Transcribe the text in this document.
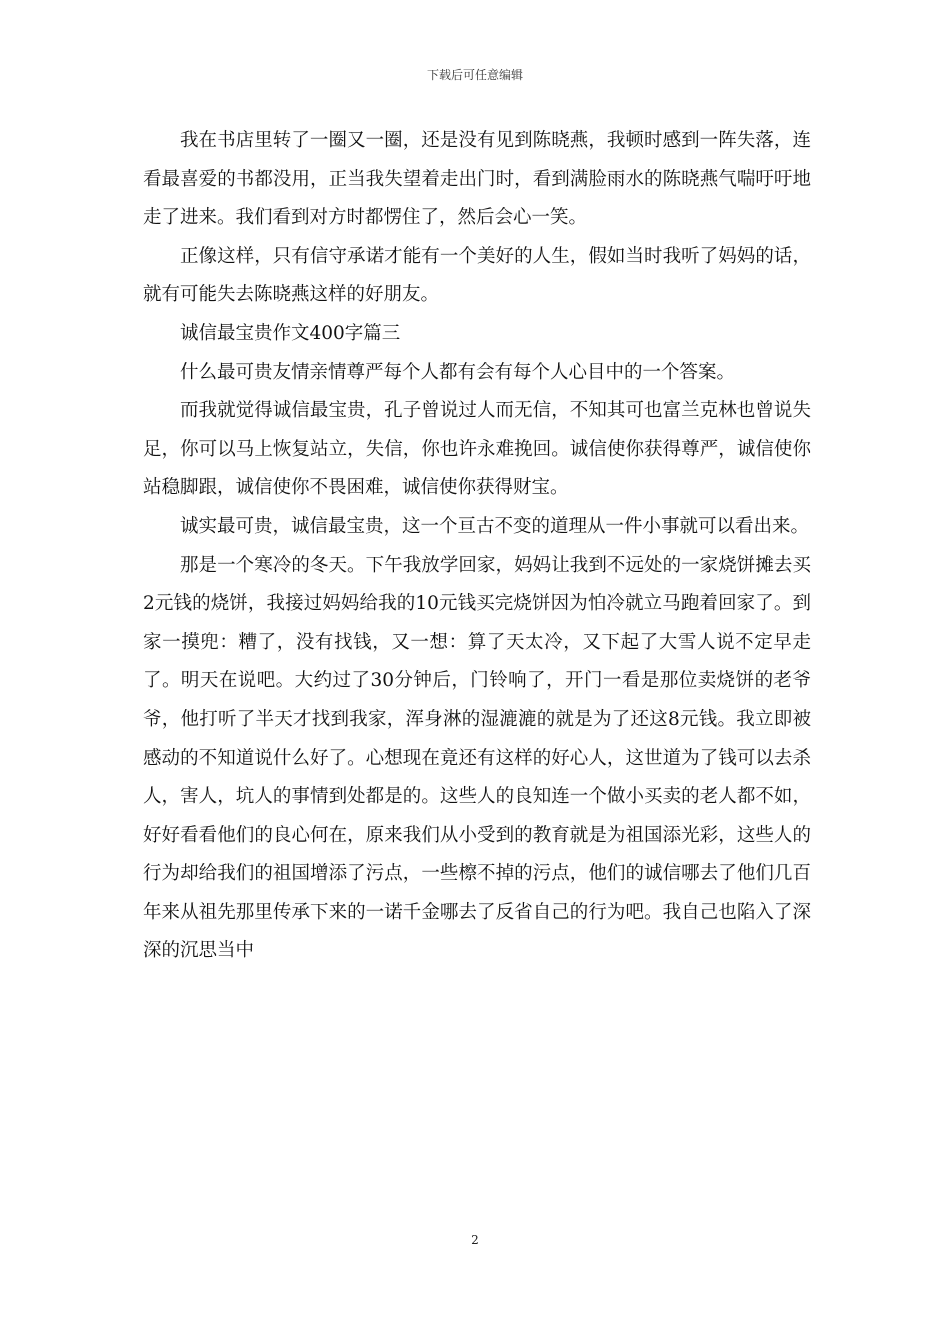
下载后可任意编辑

我在书店里转了一圈又一圈，还是没有见到陈晓燕，我顿时感到一阵失落，连看最喜爱的书都没用，正当我失望着走出门时，看到满脸雨水的陈晓燕气喘吁吁地走了进来。我们看到对方时都愣住了，然后会心一笑。

正像这样，只有信守承诺才能有一个美好的人生，假如当时我听了妈妈的话，就有可能失去陈晓燕这样的好朋友。

诚信最宝贵作文400字篇三

什么最可贵友情亲情尊严每个人都有会有每个人心目中的一个答案。

而我就觉得诚信最宝贵，孔子曾说过人而无信，不知其可也富兰克林也曾说失足，你可以马上恢复站立，失信，你也许永难挽回。诚信使你获得尊严，诚信使你站稳脚跟，诚信使你不畏困难，诚信使你获得财宝。

诚实最可贵，诚信最宝贵，这一个亘古不变的道理从一件小事就可以看出来。

那是一个寒冷的冬天。下午我放学回家，妈妈让我到不远处的一家烧饼摊去买2元钱的烧饼，我接过妈妈给我的10元钱买完烧饼因为怕冷就立马跑着回家了。到家一摸兜：糟了，没有找钱，又一想：算了天太冷，又下起了大雪人说不定早走了。明天在说吧。大约过了30分钟后，门铃响了，开门一看是那位卖烧饼的老爷爷，他打听了半天才找到我家，浑身淋的湿漉漉的就是为了还这8元钱。我立即被感动的不知道说什么好了。心想现在竟还有这样的好心人，这世道为了钱可以去杀人，害人，坑人的事情到处都是的。这些人的良知连一个做小买卖的老人都不如，好好看看他们的良心何在，原来我们从小受到的教育就是为祖国添光彩，这些人的行为却给我们的祖国增添了污点，一些檫不掉的污点，他们的诚信哪去了他们几百年来从祖先那里传承下来的一诺千金哪去了反省自己的行为吧。我自己也陷入了深深的沉思当中

2
